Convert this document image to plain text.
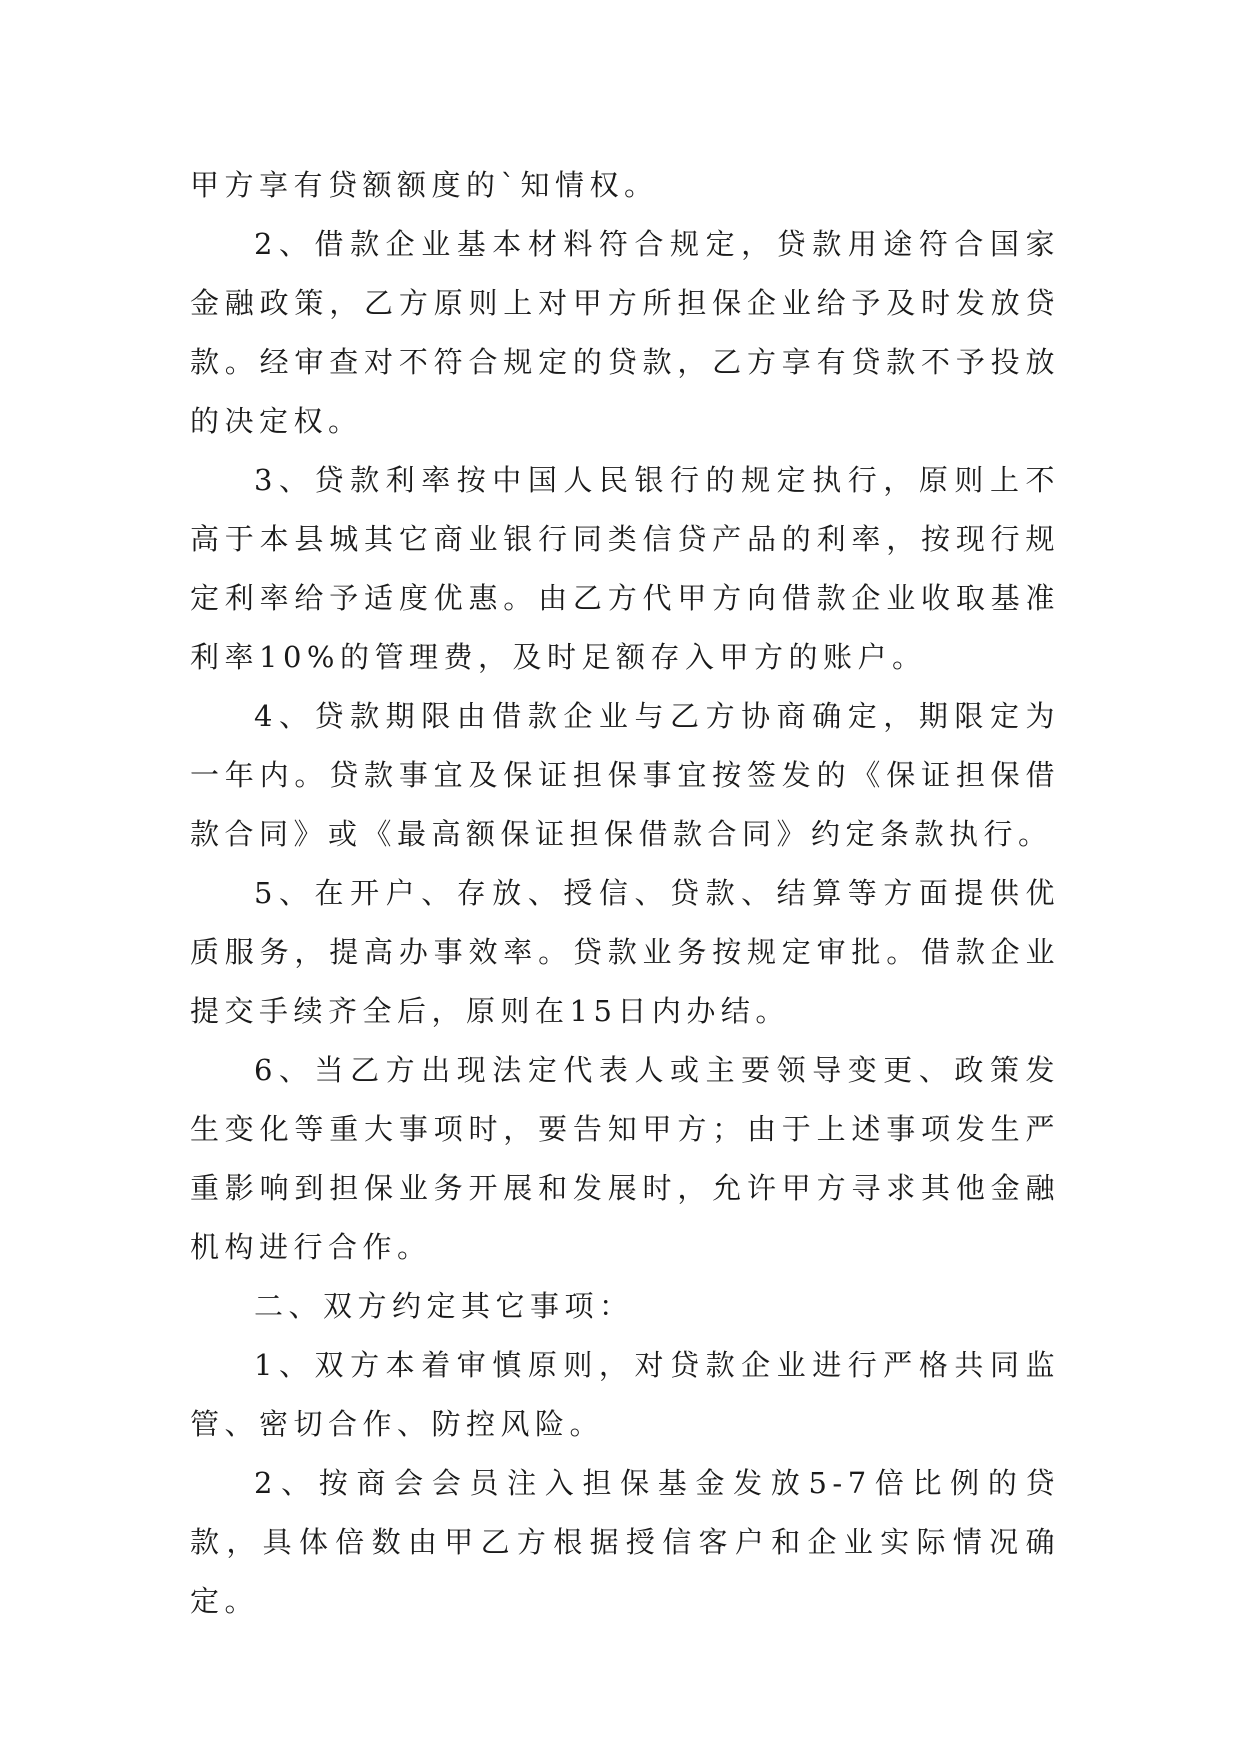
甲方享有贷额额度的`知情权。

2、借款企业基本材料符合规定，贷款用途符合国家金融政策，乙方原则上对甲方所担保企业给予及时发放贷款。经审查对不符合规定的贷款，乙方享有贷款不予投放的决定权。

3、贷款利率按中国人民银行的规定执行，原则上不高于本县城其它商业银行同类信贷产品的利率，按现行规定利率给予适度优惠。由乙方代甲方向借款企业收取基准利率10%的管理费，及时足额存入甲方的账户。

4、贷款期限由借款企业与乙方协商确定，期限定为一年内。贷款事宜及保证担保事宜按签发的《保证担保借款合同》或《最高额保证担保借款合同》约定条款执行。

5、在开户、存放、授信、贷款、结算等方面提供优质服务，提高办事效率。贷款业务按规定审批。借款企业提交手续齐全后，原则在15日内办结。

6、当乙方出现法定代表人或主要领导变更、政策发生变化等重大事项时，要告知甲方；由于上述事项发生严重影响到担保业务开展和发展时，允许甲方寻求其他金融机构进行合作。

二、双方约定其它事项：

1、双方本着审慎原则，对贷款企业进行严格共同监管、密切合作、防控风险。

2、按商会会员注入担保基金发放5-7倍比例的贷款，具体倍数由甲乙方根据授信客户和企业实际情况确定。
